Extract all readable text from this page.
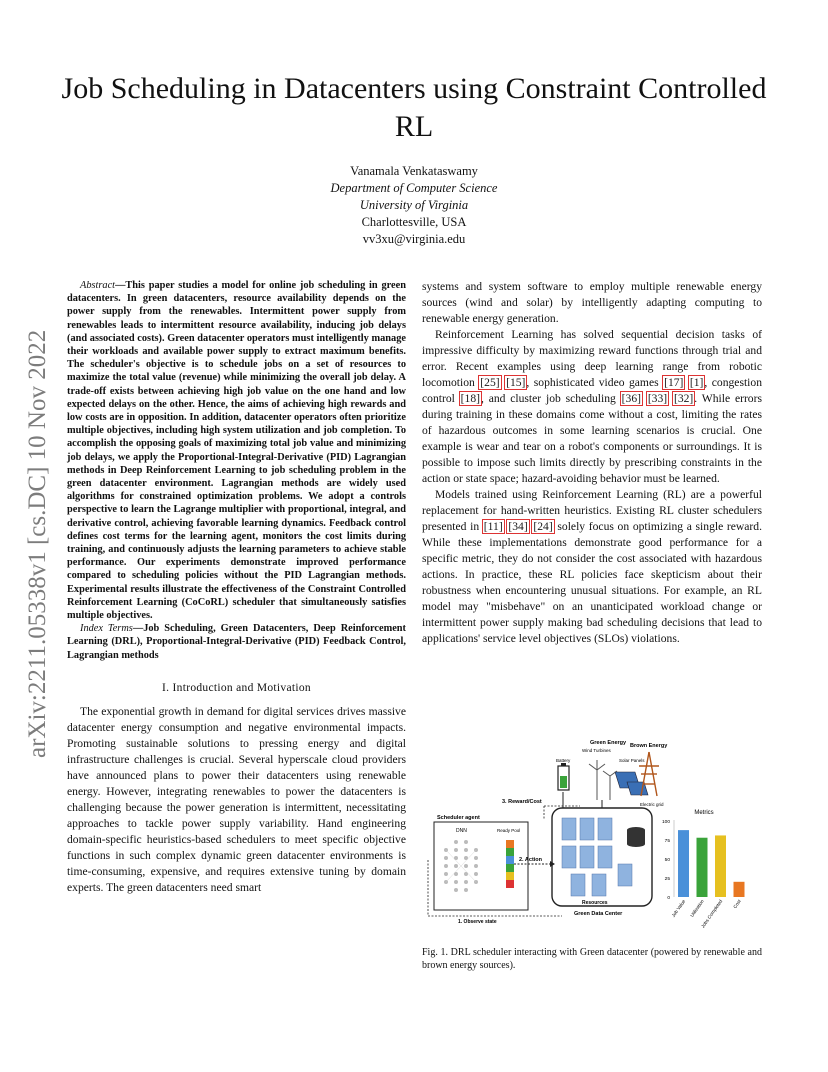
Job Scheduling in Datacenters using Constraint Controlled RL
Vanamala Venkataswamy
Department of Computer Science
University of Virginia
Charlottesville, USA
vv3xu@virginia.edu
arXiv:2211.05338v1 [cs.DC] 10 Nov 2022

Abstract—This paper studies a model for online job scheduling in green datacenters. In green datacenters, resource availability depends on the power supply from the renewables. Intermittent power supply from renewables leads to intermittent resource availability, inducing job delays (and associated costs). Green datacenter operators must intelligently manage their workloads and available power supply to extract maximum benefits. The scheduler's objective is to schedule jobs on a set of resources to maximize the total value (revenue) while minimizing the overall job delay. A trade-off exists between achieving high job value on the one hand and low expected delays on the other. Hence, the aims of achieving high rewards and low costs are in opposition. In addition, datacenter operators often prioritize multiple objectives, including high system utilization and job completion. To accomplish the opposing goals of maximizing total job value and minimizing job delays, we apply the Proportional-Integral-Derivative (PID) Lagrangian methods in Deep Reinforcement Learning to job scheduling problem in the green datacenter environment. Lagrangian methods are widely used algorithms for constrained optimization problems. We adopt a controls perspective to learn the Lagrange multiplier with proportional, integral, and derivative control, achieving favorable learning dynamics. Feedback control defines cost terms for the learning agent, monitors the cost limits during training, and continuously adjusts the learning parameters to achieve stable performance. Our experiments demonstrate improved performance compared to scheduling policies without the PID Lagrangian methods. Experimental results illustrate the effectiveness of the Constraint Controlled Reinforcement Learning (CoCoRL) scheduler that simultaneously satisfies multiple objectives.

Index Terms—Job Scheduling, Green Datacenters, Deep Reinforcement Learning (DRL), Proportional-Integral-Derivative (PID) Feedback Control, Lagrangian methods

I. Introduction and Motivation

The exponential growth in demand for digital services drives massive datacenter energy consumption and negative environmental impacts. Promoting sustainable solutions to pressing energy and digital infrastructure challenges is crucial. Several hyperscale cloud providers have announced plans to power their datacenters using renewable energy. However, integrating renewables to power the datacenters is challenging because the power generation is intermittent, necessitating approaches to tackle power supply variability. Hand engineering domain-specific heuristics-based schedulers to meet specific objective functions in such complex dynamic green datacenter environments is time-consuming, expensive, and requires extensive tuning by domain experts. The green datacenters need smart

systems and system software to employ multiple renewable energy sources (wind and solar) by intelligently adapting computing to renewable energy generation.

Reinforcement Learning has solved sequential decision tasks of impressive difficulty by maximizing reward functions through trial and error. Recent examples using deep learning range from robotic locomotion [25] [15], sophisticated video games [17] [1], congestion control [18], and cluster job scheduling [36] [33] [32]. While errors during training in these domains come without a cost, limiting the rates of hazardous outcomes in some learning scenarios is crucial. One example is wear and tear on a robot's components or surroundings. It is possible to impose such limits directly by prescribing constraints in the action or state space; hazard-avoiding behavior must be learned.

Models trained using Reinforcement Learning (RL) are a powerful replacement for hand-written heuristics. Existing RL cluster schedulers presented in [11] [34] [24] solely focus on optimizing a single reward. While these implementations demonstrate good performance for a specific metric, they do not consider the cost associated with hazardous actions. In practice, these RL policies face skepticism about their robustness when encountering unusual situations. For example, an RL model may "misbehave" on an unanticipated workload change or intermittent power supply making bad scheduling decisions that lead to applications' service level objectives (SLOs) violations.

Green Energy Brown Energy
Battery
Wind Turbines
Solar Panels
Electric grid
3. Reward/Cost
Scheduler agent
DNN	Ready Pool
2. Action
1. Observe state
Resources
Green Data Center
Metrics
0
25
50
75
100
Job Value Utilization
Jobs Completed Cost
Fig. 1. DRL scheduler interacting with Green datacenter (powered by renewable and brown energy sources).
